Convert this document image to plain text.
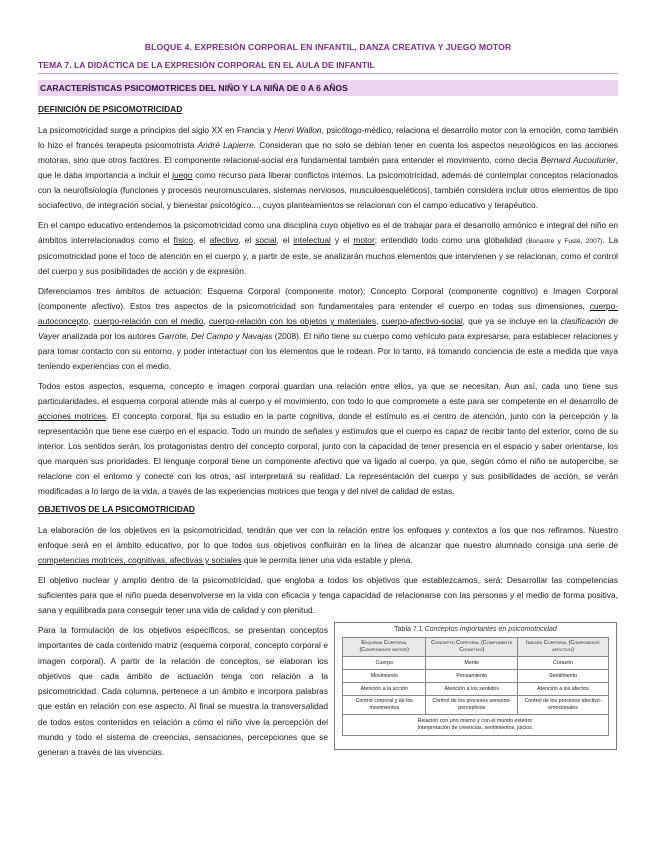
BLOQUE 4. EXPRESIÓN CORPORAL EN INFANTIL, DANZA CREATIVA Y JUEGO MOTOR
TEMA 7. LA DIDÁCTICA DE LA EXPRESIÓN CORPORAL EN EL AULA DE INFANTIL
CARACTERÍSTICAS PSICOMOTRICES DEL NIÑO Y LA NIÑA DE 0 A 6 AÑOS
DEFINICIÓN DE PSICOMOTRICIDAD

La psicomotricidad surge a principios del siglo XX en Francia y Henri Wallon, psicólogo-médico, relaciona el desarrollo motor con la emoción, como también lo hizo el francés terapeuta psicomotrista André Lapierre. Consideran que no solo se debían tener en cuenta los aspectos neurológicos en las acciones motoras, sino que otros factores. El componente relacional-social era fundamental también para entender el movimiento, como decía Bernard Aucouturier, que le daba importancia a incluir el juego como recurso para liberar conflictos internos. La psicomotricidad, además de contemplar conceptos relacionados con la neurofisiología (funciones y procesos neuromusculares, sistemas nerviosos, musculoesqueléticos), también considera incluir otros elementos de tipo sociafectivo, de integración social, y bienestar psicológico..., cuyos planteamientos se relacionan con el campo educativo y terapéutico.

En el campo educativo entendemos la psicomotricidad como una disciplina cuyo objetivo es el de trabajar para el desarrollo armónico e integral del niño en ámbitos interrelacionados como el físico, el afectivo, el social, el intelectual y el motor; entendido todo como una globalidad (Bonastre y Fusté, 2007). La psicomotricidad pone el foco de atención en el cuerpo y, a partir de este, se analizarán muchos elementos que intervienen y se relacionan, como el control del cuerpo y sus posibilidades de acción y de expresión.

Diferenciamos tres ámbitos de actuación: Esquema Corporal (componente motor); Concepto Corporal (componente cognitivo) e Imagen Corporal (componente afectivo). Estos tres aspectos de la psicomotricidad son fundamentales para entender el cuerpo en todas sus dimensiones, cuerpo-autoconcepto, cuerpo-relación con el medio, cuerpo-relación con los objetos y materiales, cuerpo-afectivo-social, que ya se incluye en la clasificación de Vayer analizada por los autores Garrote, Del Campo y Navajas (2008). El niño tiene su cuerpo como vehículo para expresarse, para establecer relaciones y para tomar contacto con su entorno, y poder interactuar con los elementos que le rodean. Por lo tanto, irá tomando conciencia de este a medida que vaya teniendo experiencias con el medio.

Todos estos aspectos, esquema, concepto e imagen corporal guardan una relación entre ellos, ya que se necesitan. Aun así, cada uno tiene sus particularidades, el esquema corporal atiende más al cuerpo y el movimiento, con todo lo que compromete a este para ser competente en el desarrollo de acciones motrices. El concepto corporal, fija su estudio en la parte cognitiva, donde el estímulo es el centro de atención, junto con la percepción y la representación que tiene ese cuerpo en el espacio. Todo un mundo de señales y estímulos que el cuerpo es capaz de recibir tanto del exterior, como de su interior. Los sentidos serán, los protagonistas dentro del concepto corporal, junto con la capacidad de tener presencia en el espacio y saber orientarse, los que marquen sus prioridades. El lenguaje corporal tiene un componente afectivo que va ligado al cuerpo, ya que, según cómo el niño se autopercibe, se relacione con el entorno y conecte con los otros, así interpretará su realidad. La representación del cuerpo y sus posibilidades de acción, se verán modificadas a lo largo de la vida, a través de las experiencias motrices que tenga y del nivel de calidad de estas.

OBJETIVOS DE LA PSICOMOTRICIDAD

La elaboración de los objetivos en la psicomotricidad, tendrán que ver con la relación entre los enfoques y contextos a los que nos refiramos. Nuestro enfoque será en el ámbito educativo, por lo que todos sus objetivos confluirán en la línea de alcanzar que nuestro alumnado consiga una serie de competencias motrices, cognitivas, afectivas y sociales que le permita tener una vida estable y plena.

El objetivo nuclear y amplio dentro de la psicomotricidad, que engloba a todos los objetivos que establezcamos, será: Desarrollar las competencias suficientes para que el niño pueda desenvolverse en la vida con eficacia y tenga capacidad de relacionarse con las personas y el medio de forma positiva, sana y equilibrada para conseguir tener una vida de calidad y con plenitud.

Para la formulación de los objetivos específicos, se presentan conceptos importantes de cada contenido matriz (esquema corporal, concepto corporal e imagen corporal). A partir de la relación de conceptos, se elaboran los objetivos que cada ámbito de actuación tenga con relación a la psicomotricidad. Cada columna, pertenece a un ámbito e incorpora palabras que están en relación con ese aspecto. Al final se muestra la transversalidad de todos estos contenidos en relación a cómo el niño vive la percepción del mundo y todo el sistema de creencias, sensaciones, percepciones que se generan a través de las vivencias.
Tabla 7.1 Conceptos importantes en psicomotricidad
Esquema Corporal (Componente motor)	Concepto Corporal (Componente Cognitivo)	Imagen Corporal (Componente afectivo)
Cuerpo	Mente	Corazón
Movimiento	Pensamiento	Sentimiento
Atención a la acción	Atención a los sentidos	Atención a los afectos
Control corporal y de los movimientos	Control de los procesos sensorio-perceptivos	Control de los procesos afectivo-emocionales
Relación con uno mismo y con el mundo exterior.
Interpretación de creencias, sentimientos, juicios.		
